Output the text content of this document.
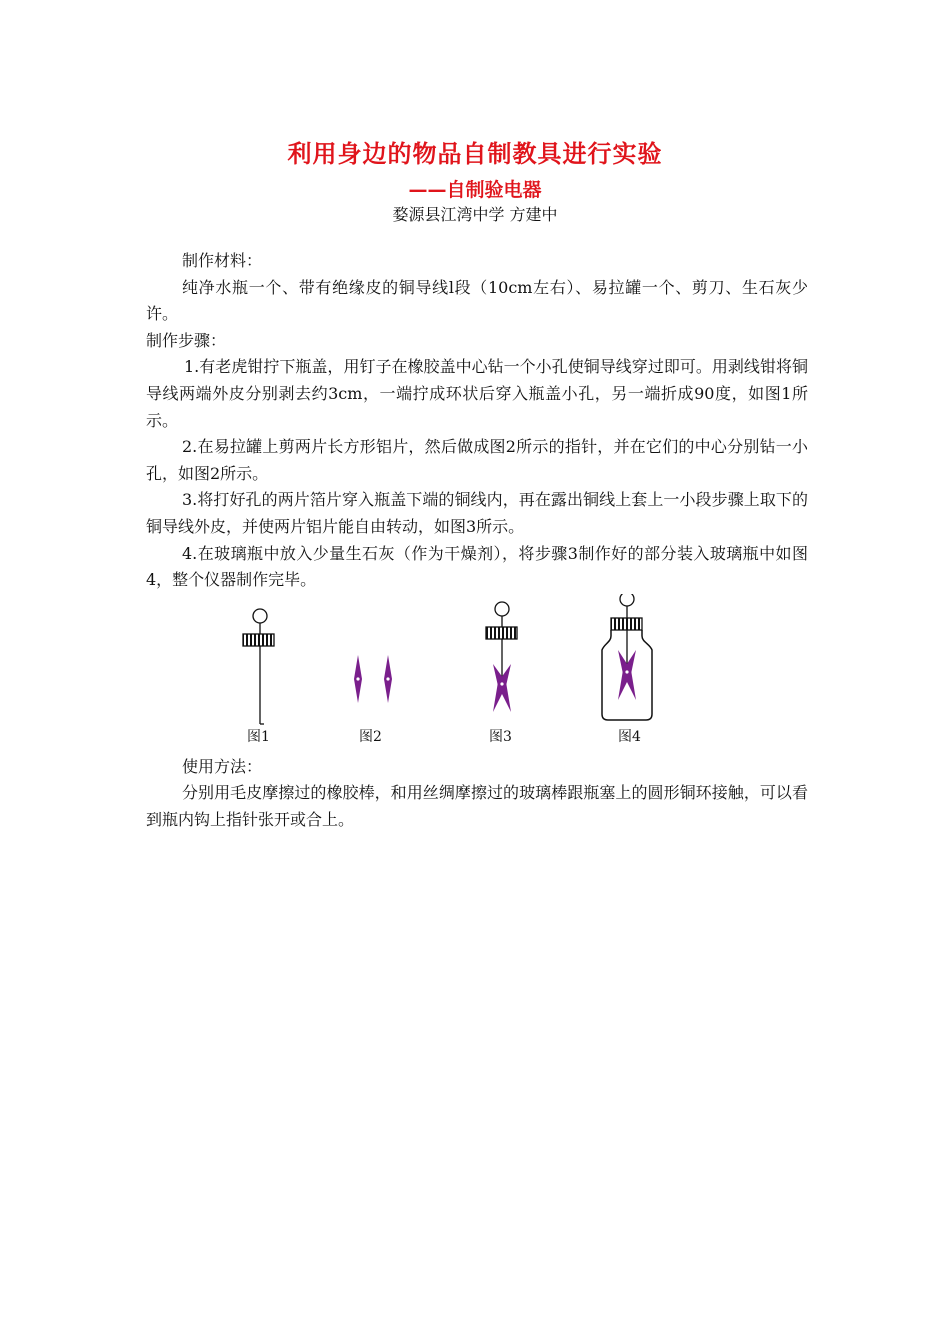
利用身边的物品自制教具进行实验
——自制验电器
婺源县江湾中学 方建中

制作材料：

纯净水瓶一个、带有绝缘皮的铜导线l段（10cm左右）、易拉罐一个、剪刀、生石灰少许。

制作步骤：

1.有老虎钳拧下瓶盖，用钉子在橡胶盖中心钻一个小孔使铜导线穿过即可。用剥线钳将铜导线两端外皮分别剥去约3cm，一端拧成环状后穿入瓶盖小孔，另一端折成90度，如图1所示。

2.在易拉罐上剪两片长方形铝片，然后做成图2所示的指针，并在它们的中心分别钻一小孔，如图2所示。

3.将打好孔的两片箔片穿入瓶盖下端的铜线内，再在露出铜线上套上一小段步骤上取下的铜导线外皮，并使两片铝片能自由转动，如图3所示。

4.在玻璃瓶中放入少量生石灰（作为干燥剂），将步骤3制作好的部分装入玻璃瓶中如图4，整个仪器制作完毕。

图1	图2	图3	图4

使用方法：

分别用毛皮摩擦过的橡胶棒，和用丝绸摩擦过的玻璃棒跟瓶塞上的圆形铜环接触，可以看到瓶内钩上指针张开或合上。
